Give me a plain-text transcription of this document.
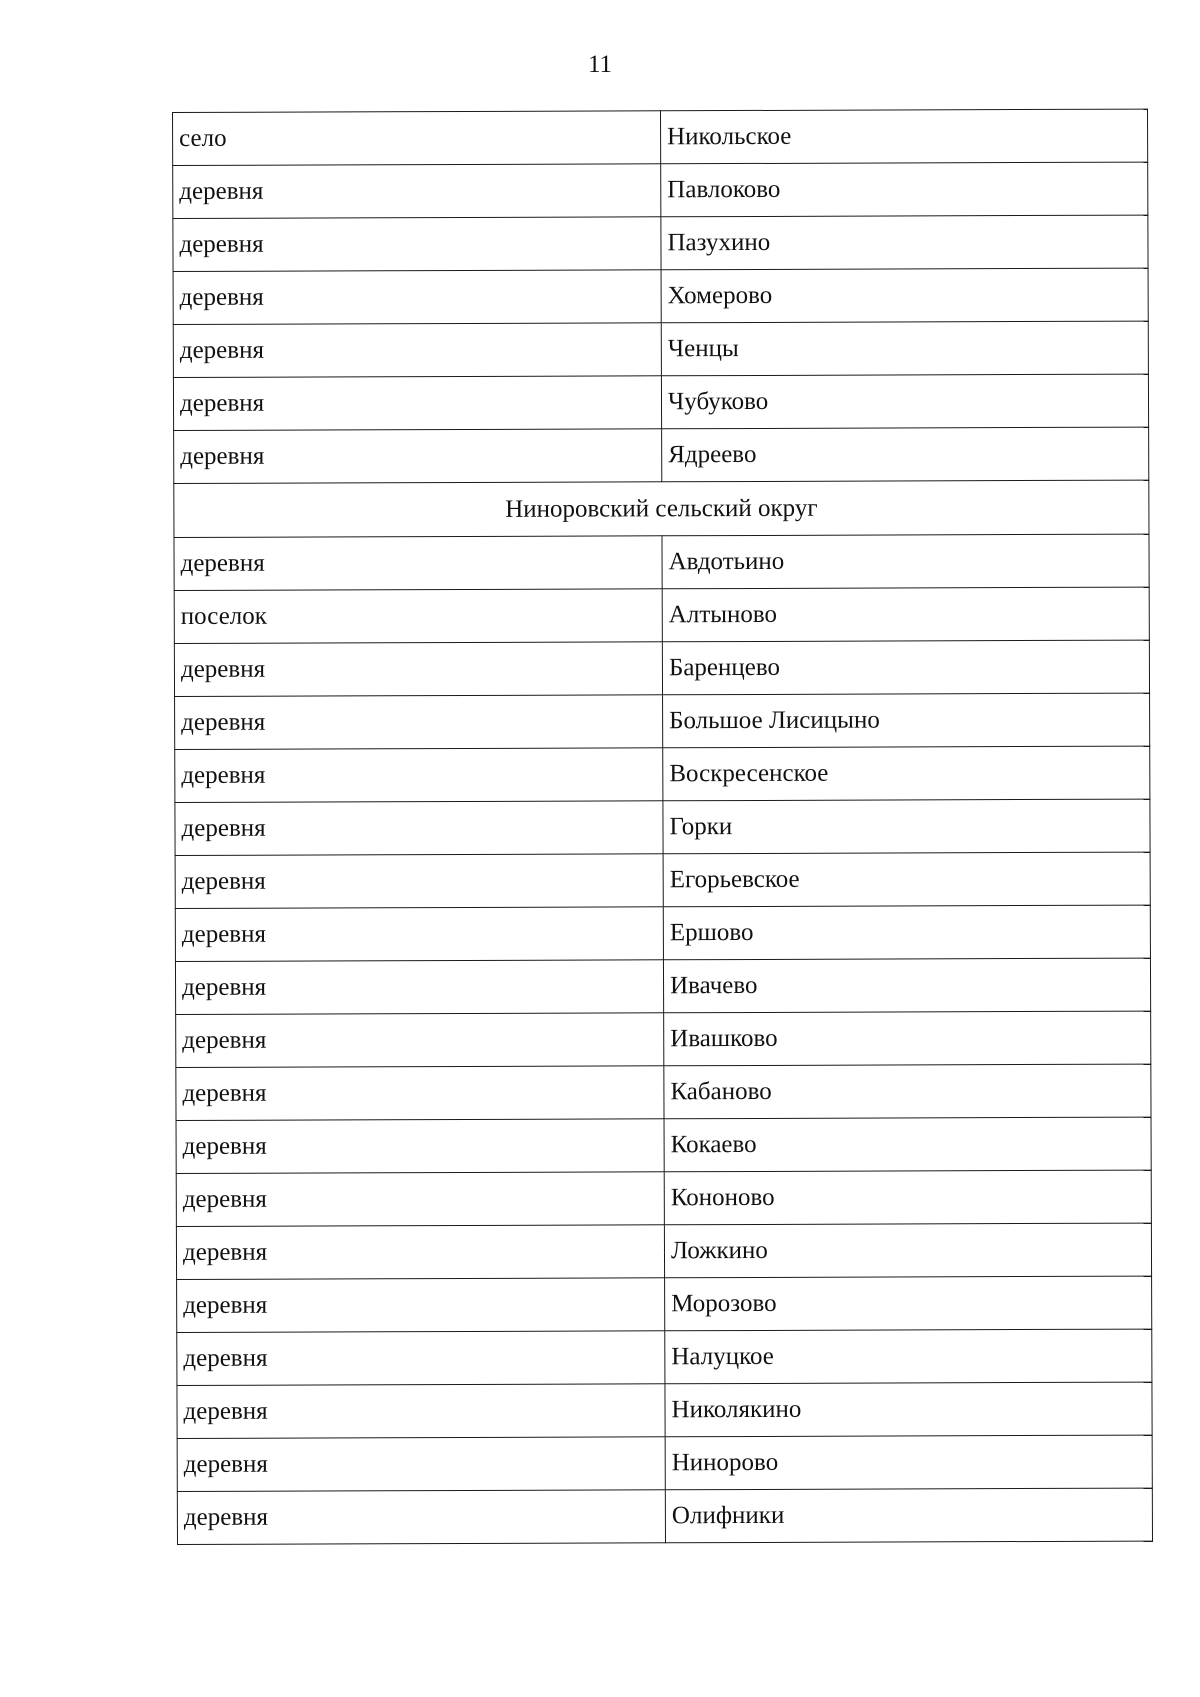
11
село	Никольское
деревня	Павлоково
деревня	Пазухино
деревня	Хомерово
деревня	Ченцы
деревня	Чубуково
деревня	Ядреево
Ниноровский сельский округ	
деревня	Авдотьино
поселок	Алтыново
деревня	Баренцево
деревня	Большое Лисицыно
деревня	Воскресенское
деревня	Горки
деревня	Егорьевское
деревня	Ершово
деревня	Ивачево
деревня	Ивашково
деревня	Кабаново
деревня	Кокаево
деревня	Кононово
деревня	Ложкино
деревня	Морозово
деревня	Налуцкое
деревня	Николякино
деревня	Нинорово
деревня	Олифники
